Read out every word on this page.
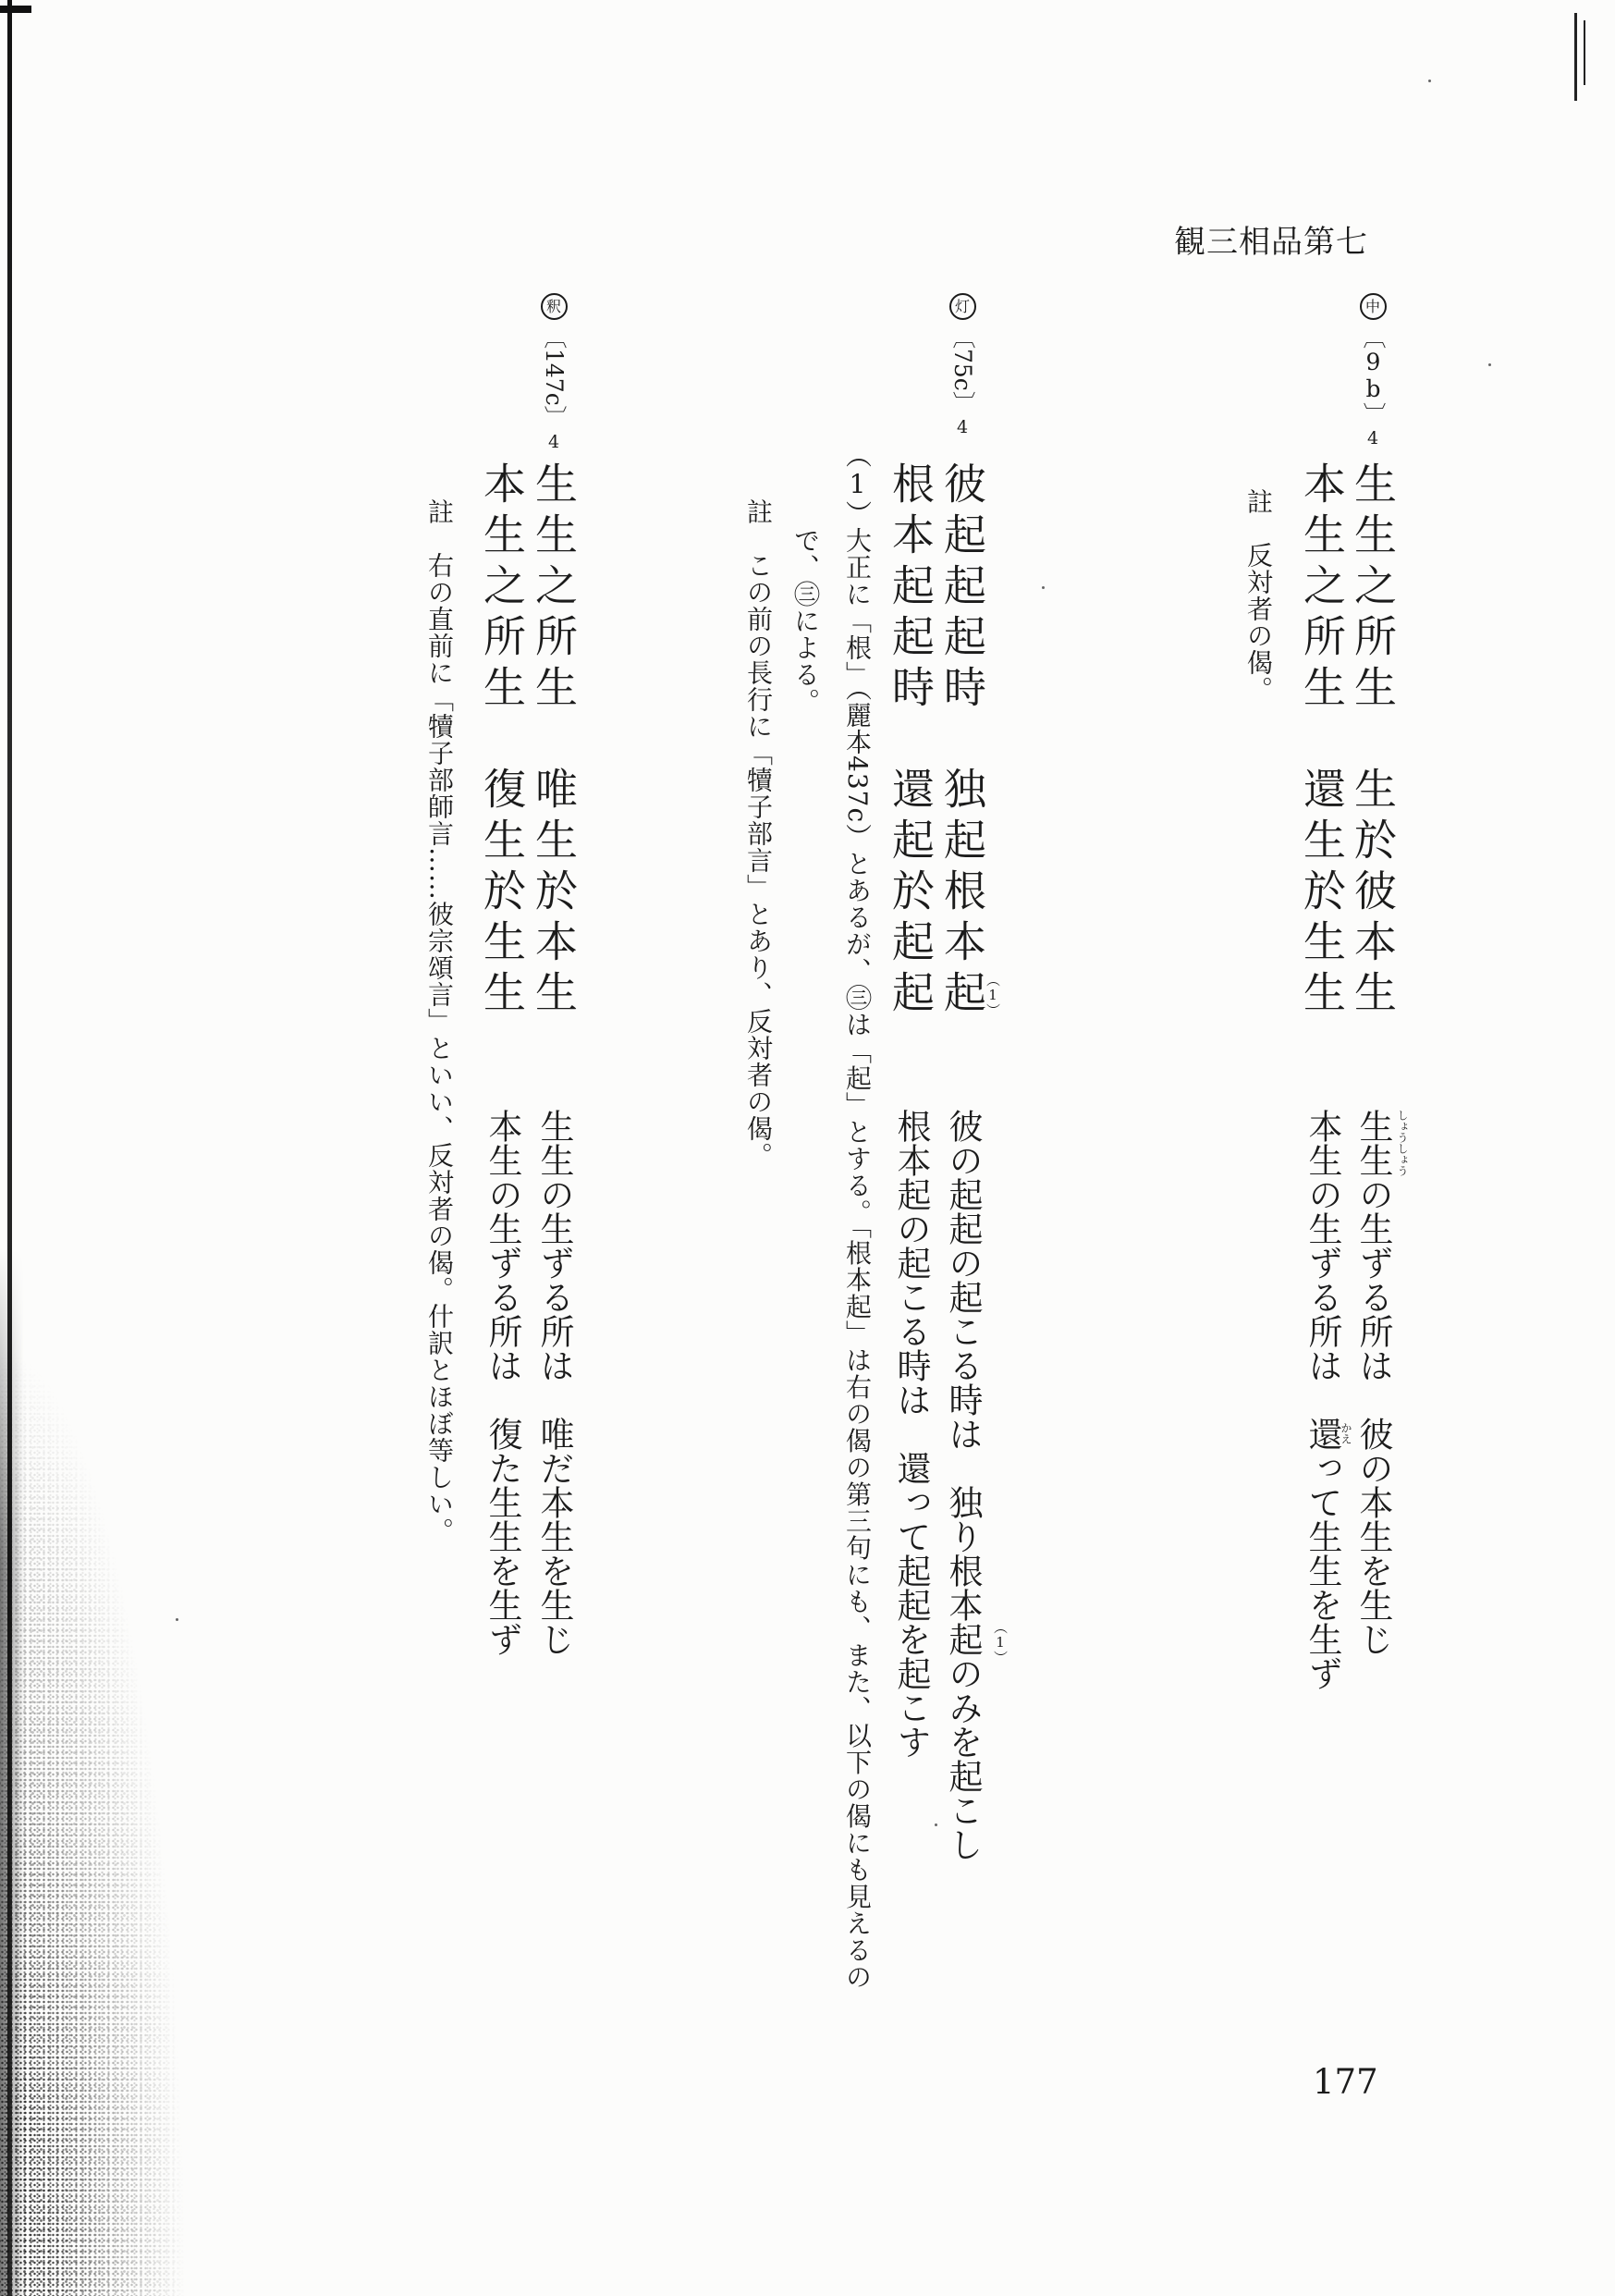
観三相品第七
中
〔9b〕
4
生生之所生　生於彼本生
本生之所生　還生於生生
生生の生ずる所は　彼の本生を生じ
本生の生ずる所は　還って生生を生ず	しょうしょう
かえ
註　反対者の偈。
灯
〔75c〕
4
彼起起起時　独起根本起
（1）
根本起起時　還起於起起
彼の起起の起こる時は　独り根本起のみを起こし （1）
根本起の起こる時は　還って起起を起こす
（1）大正に「根」（麗本437c）とあるが、㊂は「起」とする。「根本起」は右の偈の第三句にも、また、以下の偈にも見えるの
で、㊂による。
註　この前の長行に「犢子部言」とあり、反対者の偈。
釈
〔147c〕
4
生生之所生　唯生於本生
本生之所生　復生於生生
生生の生ずる所は　唯だ本生を生じ
本生の生ずる所は　復た生生を生ず
註　右の直前に「犢子部師言……彼宗頌言」といい、反対者の偈。什訳とほぼ等しい。
177
